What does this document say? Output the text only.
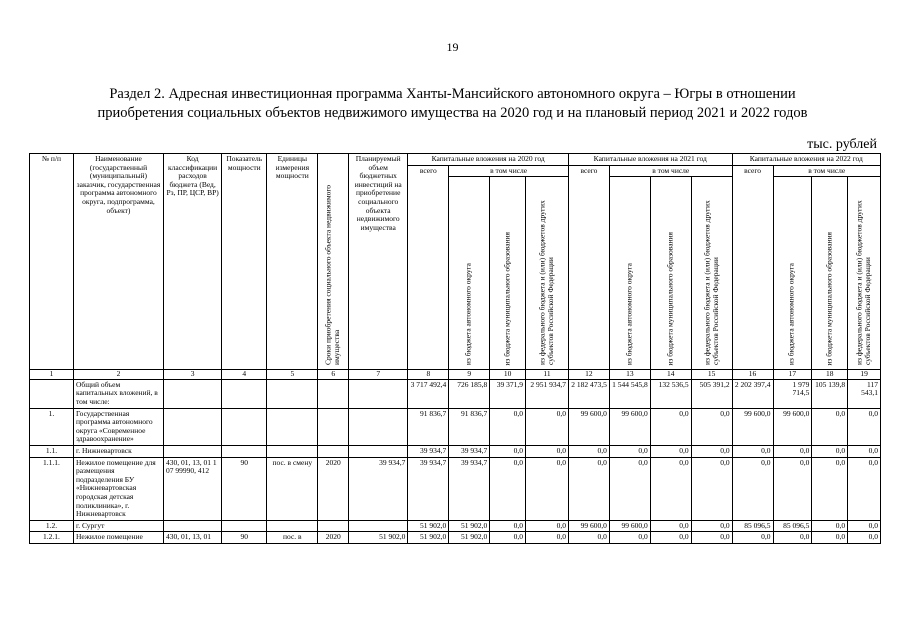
19
Раздел 2. Адресная инвестиционная программа Ханты-Мансийского автономного округа – Югры в отношении
приобретения социальных объектов недвижимого имущества на 2020 год и на плановый период 2021 и 2022 годов
тыс. рублей
№ п/п	Наименование (государственный (муниципальный) заказчик, государственная программа автономного округа, подпрограмма, объект)	Код классификации расходов бюджета (Вед, Рз, ПР, ЦСР, ВР)	Показатель мощности	Единицы измерения мощности	Сроки приобретения социального объекта недвижимого имущества	Планируемый объем бюджетных инвестиций на приобретение социального объекта недвижимого имущества	Капитальные вложения на 2020 год				Капитальные вложения на 2021 год				Капитальные вложения на 2022 год			
							всего	в том числе			всего	в том числе			всего	в том числе		

								из бюджета автономного округа	из бюджета муниципального образования	из федерального бюджета и (или) бюджетов других субъектов Российской Федерации		из бюджета автономного округа	из бюджета муниципального образования	из федерального бюджета и (или) бюджетов других субъектов Российской Федерации		из бюджета автономного округа	из бюджета муниципального образования	из федерального бюджета и (или) бюджетов других субъектов Российской Федерации

1	2	3	4	5	6	7	8	9	10	11	12	13	14	15	16	17	18	19
	Общий объем капитальных вложений, в том числе:						3 717 492,4	726 185,8	39 371,9	2 951 934,7	2 182 473,5	1 544 545,8	132 536,5	505 391,2	2 202 397,4	1 979 714,5	105 139,8	117 543,1
1.	Государственная программа автономного округа «Современное здравоохранение»						91 836,7	91 836,7	0,0	0,0	99 600,0	99 600,0	0,0	0,0	99 600,0	99 600,0	0,0	0,0
1.1.	г. Нижневартовск						39 934,7	39 934,7	0,0	0,0	0,0	0,0	0,0	0,0	0,0	0,0	0,0	0,0
1.1.1.	Нежилое помещение для размещения подразделения БУ «Нижневартовская городская детская поликлиника», г. Нижневартовск	430, 01, 13, 01 1 07 99990, 412	90	пос. в смену	2020	39 934,7	39 934,7	39 934,7	0,0	0,0	0,0	0,0	0,0	0,0	0,0	0,0	0,0	0,0
1.2.	г. Сургут						51 902,0	51 902,0	0,0	0,0	99 600,0	99 600,0	0,0	0,0	85 096,5	85 096,5	0,0	0,0
1.2.1.	Нежилое помещение	430, 01, 13, 01	90	пос. в	2020	51 902,0	51 902,0	51 902,0	0,0	0,0	0,0	0,0	0,0	0,0	0,0	0,0	0,0	0,0
